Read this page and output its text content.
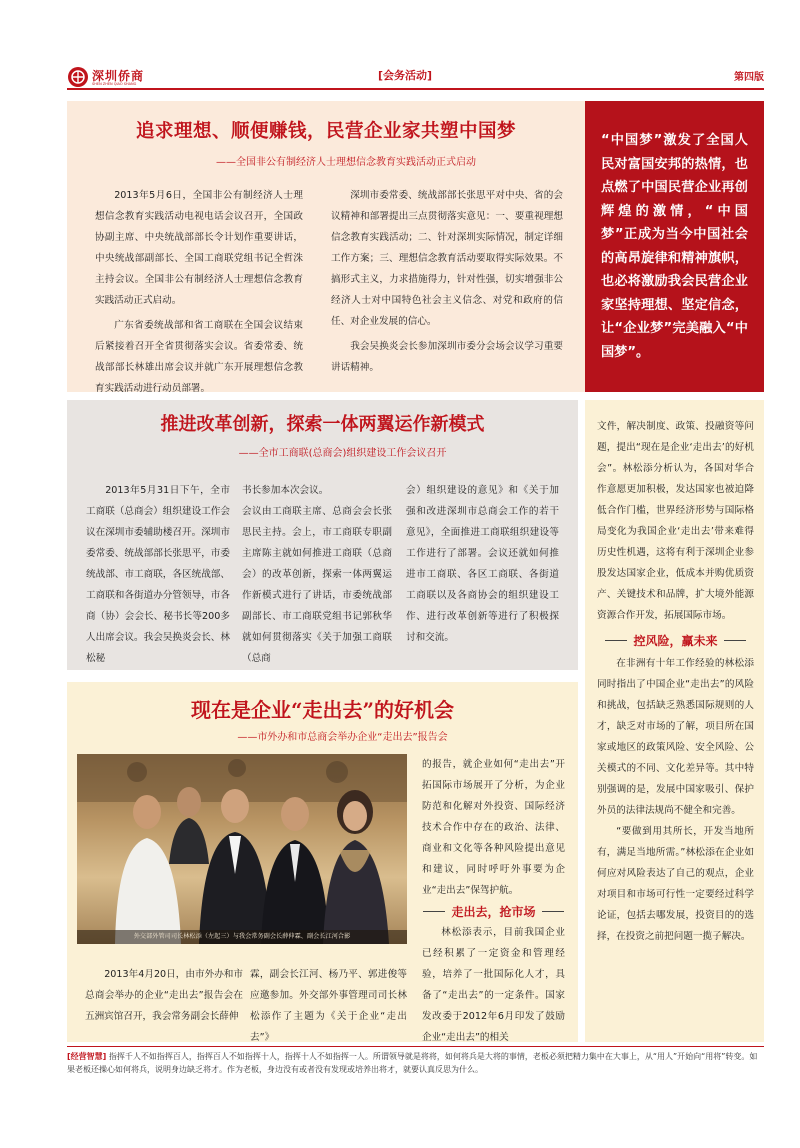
深圳侨商
SHEN ZHEN QIAO SHANG
[会务活动]	第四版
追求理想、顺便赚钱，民营企业家共塑中国梦
——全国非公有制经济人士理想信念教育实践活动正式启动

2013年5月6日，全国非公有制经济人士理想信念教育实践活动电视电话会议召开，全国政协副主席、中央统战部部长令计划作重要讲话，中央统战部副部长、全国工商联党组书记全哲洙主持会议。全国非公有制经济人士理想信念教育实践活动正式启动。

广东省委统战部和省工商联在全国会议结束后紧接着召开全省贯彻落实会议。省委常委、统战部部长林雄出席会议并就广东开展理想信念教育实践活动进行动员部署。

深圳市委常委、统战部部长张思平对中央、省的会议精神和部署提出三点贯彻落实意见：一、要重视理想信念教育实践活动；二、针对深圳实际情况，制定详细工作方案；三、理想信念教育活动要取得实际效果。不搞形式主义，力求措施得力，针对性强，切实增强非公经济人士对中国特色社会主义信念、对党和政府的信任、对企业发展的信心。

我会吴换炎会长参加深圳市委分会场会议学习重要讲话精神。

“中国梦”激发了全国人民对富国安邦的热情，也点燃了中国民营企业再创辉煌的激情，“中国梦”正成为当今中国社会的高昂旋律和精神旗帜，也必将激励我会民营企业家坚持理想、坚定信念，让“企业梦”完美融入“中国梦”。
推进改革创新，探索一体两翼运作新模式
——全市工商联(总商会)组织建设工作会议召开

2013年5月31日下午，全市工商联（总商会）组织建设工作会议在深圳市委辅助楼召开。深圳市委常委、统战部部长张思平，市委统战部、市工商联，各区统战部、工商联和各街道办分管领导，市各商（协）会会长、秘书长等200多人出席会议。我会吴换炎会长、林松秘

书长参加本次会议。
会议由工商联主席、总商会会长张思民主持。会上，市工商联专职副主席陈主就如何推进工商联（总商会）的改革创新，探索一体两翼运作新模式进行了讲话，市委统战部副部长、市工商联党组书记郭秋华就如何贯彻落实《关于加强工商联（总商

会）组织建设的意见》和《关于加强和改进深圳市总商会工作的若干意见》，全面推进工商联组织建设等工作进行了部署。会议还就如何推进市工商联、各区工商联、各街道工商联以及各商协会的组织建设工作、进行改革创新等进行了积极探讨和交流。

文件，解决制度、政策、投融资等问题，提出“现在是企业‘走出去’的好机会”。林松添分析认为，各国对华合作意愿更加积极，发达国家也被迫降低合作门槛，世界经济形势与国际格局变化为我国企业‘走出去’带来难得历史性机遇，这将有利于深圳企业参股发达国家企业，低成本并购优质资产、关键技术和品牌，扩大境外能源资源合作开发，拓展国际市场。

控风险，赢未来

在非洲有十年工作经验的林松添同时指出了中国企业“走出去”的风险和挑战，包括缺乏熟悉国际规则的人才，缺乏对市场的了解，项目所在国家或地区的政策风险、安全风险、公关模式的不同、文化差异等。其中特别强调的是，发展中国家吸引、保护外员的法律法规尚不健全和完善。

“要做到用其所长，开发当地所有，满足当地所需。”林松添在企业如何应对风险表达了自己的观点，企业对项目和市场可行性一定要经过科学论证，包括去哪发展，投资目的的选择，在投资之前把问题一揽子解决。

现在是企业“走出去”的好机会
——市外办和市总商会举办企业“走出去”报告会
外交部外管司司长林松添（左起三）与我会常务副会长薛伸霖、副会长江河合影

2013年4月20日，由市外办和市总商会举办的企业“走出去”报告会在五洲宾馆召开，我会常务副会长薛伸

霖，副会长江河、杨乃平、郭进俊等应邀参加。外交部外事管理司司长林松添作了主题为《关于企业“走出去”》

的报告，就企业如何“走出去”开拓国际市场展开了分析，为企业防范和化解对外投资、国际经济技术合作中存在的政治、法律、商业和文化等各种风险提出意见和建议，同时呼吁外事要为企业“走出去”保驾护航。

走出去，抢市场

林松添表示，目前我国企业已经积累了一定资金和管理经验，培养了一批国际化人才，具备了“走出去”的一定条件。国家发改委于2012年6月印发了鼓励企业“走出去”的相关

[经营智慧] 指挥千人不如指挥百人，指挥百人不如指挥十人，指挥十人不如指挥一人。所谓领导就是将将，如何将兵是大将的事情，老板必须把精力集中在大事上，从“用人”开始向“用将”转变。如果老板还操心如何将兵，说明身边缺乏将才。作为老板，身边没有或者没有发现或培养出将才，就要认真反思为什么。
